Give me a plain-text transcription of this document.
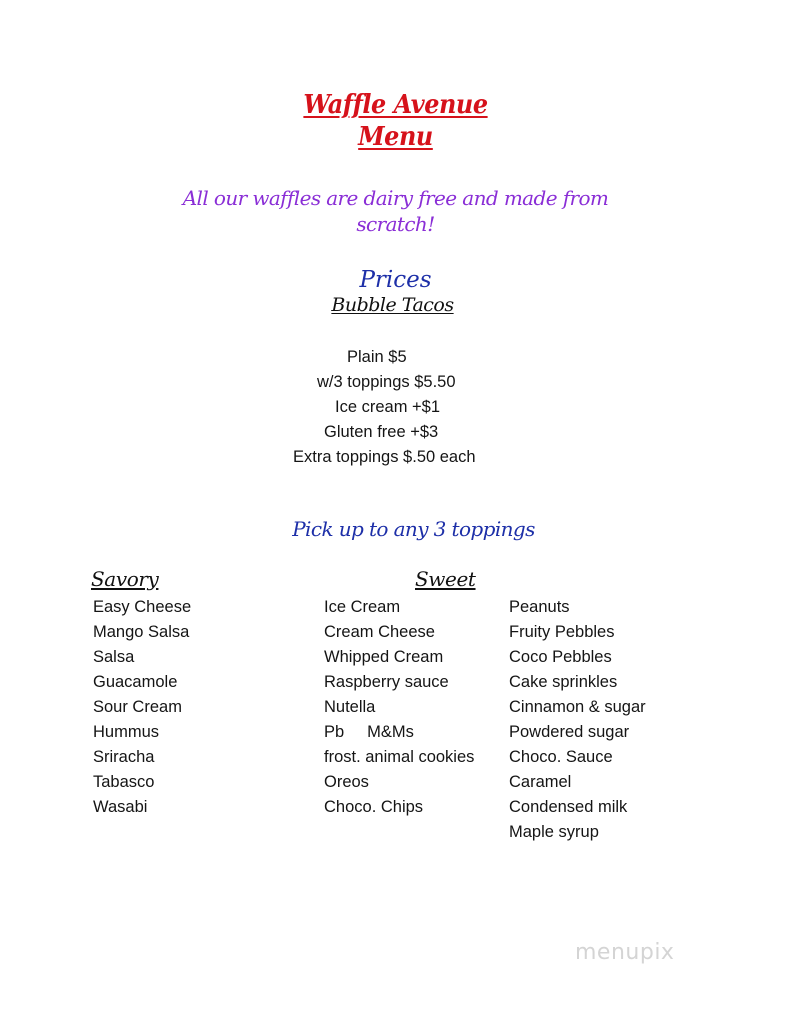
Waffle Avenue
Menu
All our waffles are dairy free and made from
scratch!
Prices
Bubble Tacos
Plain $5
w/3 toppings $5.50
Ice cream +$1
Gluten free +$3
Extra toppings $.50 each
Pick up to any 3 toppings
Savory	Sweet
Easy Cheese
Mango Salsa
Salsa
Guacamole
Sour Cream
Hummus
Sriracha
Tabasco
Wasabi
Ice Cream
Cream Cheese
Whipped Cream
Raspberry sauce
Nutella
Pb     M&Ms
frost. animal cookies
Oreos
Choco. Chips
Peanuts
Fruity Pebbles
Coco Pebbles
Cake sprinkles
Cinnamon & sugar
Powdered sugar
Choco. Sauce
Caramel
Condensed milk
Maple syrup
menupix
